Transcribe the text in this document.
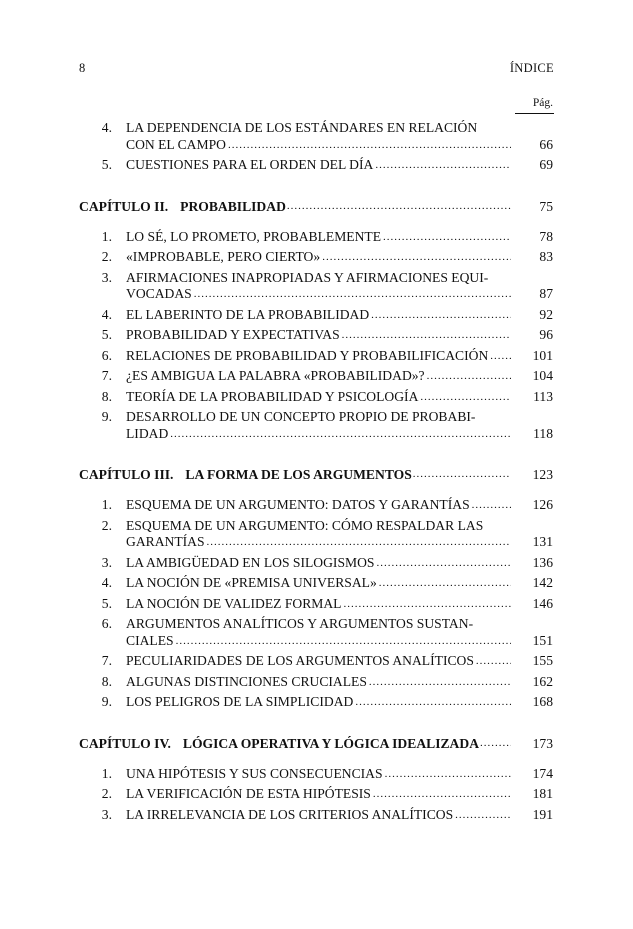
8	ÍNDICE
Pág.
4. LA DEPENDENCIA DE LOS ESTÁNDARES EN RELACIÓN
CON EL CAMPO .....	66
5. CUESTIONES PARA EL ORDEN DEL DÍA .....	69
CAPÍTULO II. PROBABILIDAD .....	75
1. LO SÉ, LO PROMETO, PROBABLEMENTE .....	78
2. «IMPROBABLE, PERO CIERTO» .....	83
3. AFIRMACIONES INAPROPIADAS Y AFIRMACIONES EQUI-
VOCADAS .....	87
4. EL LABERINTO DE LA PROBABILIDAD .....	92
5. PROBABILIDAD Y EXPECTATIVAS .....	96
6. RELACIONES DE PROBABILIDAD Y PROBABILIFICACIÓN .....	101
7. ¿ES AMBIGUA LA PALABRA «PROBABILIDAD»? .....	104
8. TEORÍA DE LA PROBABILIDAD Y PSICOLOGÍA .....	113
9. DESARROLLO DE UN CONCEPTO PROPIO DE PROBABI-
LIDAD .....	118
CAPÍTULO III. LA FORMA DE LOS ARGUMENTOS .....	123
1. ESQUEMA DE UN ARGUMENTO: DATOS Y GARANTÍAS .....	126
2. ESQUEMA DE UN ARGUMENTO: CÓMO RESPALDAR LAS
GARANTÍAS .....	131
3. LA AMBIGÜEDAD EN LOS SILOGISMOS .....	136
4. LA NOCIÓN DE «PREMISA UNIVERSAL» .....	142
5. LA NOCIÓN DE VALIDEZ FORMAL .....	146
6. ARGUMENTOS ANALÍTICOS Y ARGUMENTOS SUSTAN-
CIALES .....	151
7. PECULIARIDADES DE LOS ARGUMENTOS ANALÍTICOS .....	155
8. ALGUNAS DISTINCIONES CRUCIALES .....	162
9. LOS PELIGROS DE LA SIMPLICIDAD .....	168
CAPÍTULO IV. LÓGICA OPERATIVA Y LÓGICA IDEALIZADA .....	173
1. UNA HIPÓTESIS Y SUS CONSECUENCIAS .....	174
2. LA VERIFICACIÓN DE ESTA HIPÓTESIS .....	181
3. LA IRRELEVANCIA DE LOS CRITERIOS ANALÍTICOS .....	191
